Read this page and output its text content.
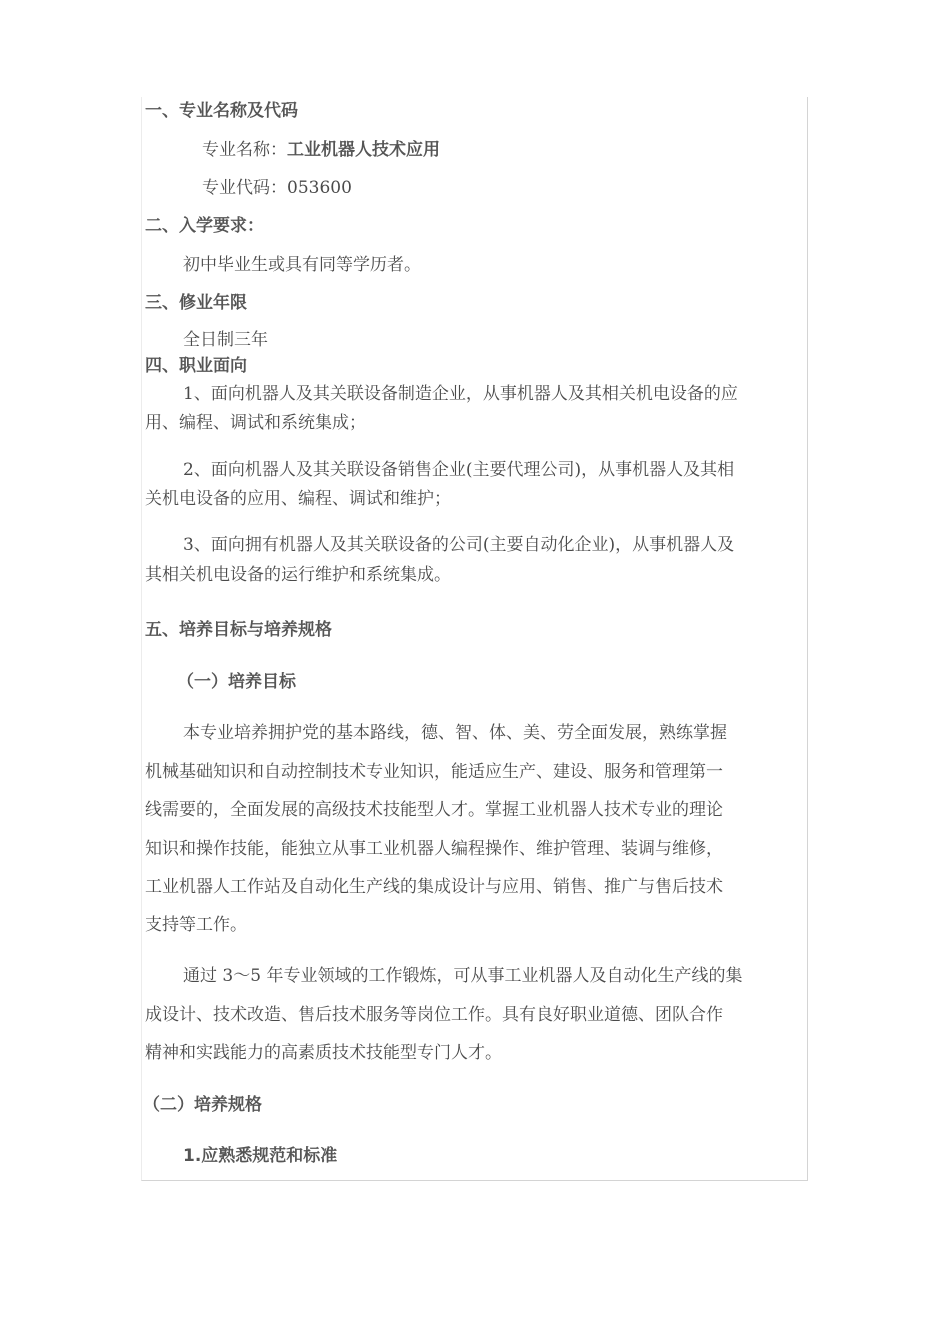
一、专业名称及代码
专业名称：工业机器人技术应用
专业代码：053600
二、入学要求：
初中毕业生或具有同等学历者。
三、修业年限
全日制三年
四、职业面向
1、面向机器人及其关联设备制造企业，从事机器人及其相关机电设备的应
用、编程、调试和系统集成；
2、面向机器人及其关联设备销售企业(主要代理公司)，从事机器人及其相
关机电设备的应用、编程、调试和维护；
3、面向拥有机器人及其关联设备的公司(主要自动化企业)，从事机器人及
其相关机电设备的运行维护和系统集成。
五、培养目标与培养规格
（一）培养目标
本专业培养拥护党的基本路线，德、智、体、美、劳全面发展，熟练掌握
机械基础知识和自动控制技术专业知识，能适应生产、建设、服务和管理第一
线需要的，全面发展的高级技术技能型人才。掌握工业机器人技术专业的理论
知识和操作技能，能独立从事工业机器人编程操作、维护管理、装调与维修，
工业机器人工作站及自动化生产线的集成设计与应用、销售、推广与售后技术
支持等工作。
通过 3～5 年专业领域的工作锻炼，可从事工业机器人及自动化生产线的集
成设计、技术改造、售后技术服务等岗位工作。具有良好职业道德、团队合作
精神和实践能力的高素质技术技能型专门人才。
（二）培养规格
1.应熟悉规范和标准
